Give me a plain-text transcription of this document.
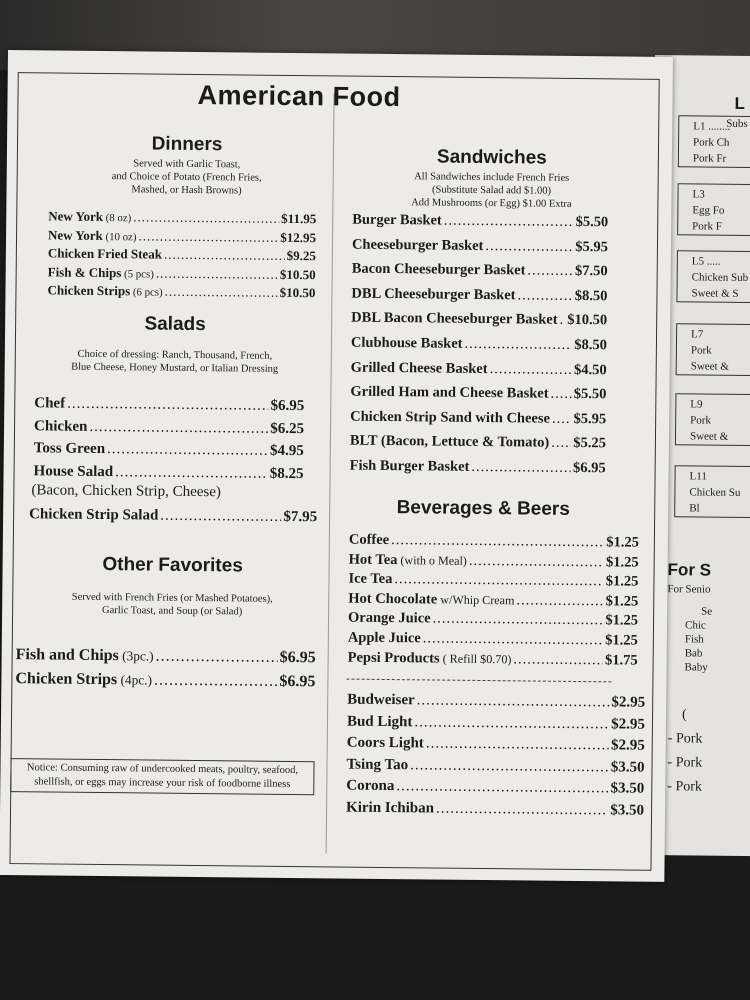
L
Subs
L1 ........
Pork Ch
Pork Fr
L3
Egg Fo
Pork F
L5 .....
Chicken Sub
Sweet & S
L7
Pork
Sweet &
L9
Pork
Sweet &
L11
Chicken Su
Bl
For S
For Senio
Se
Chic
Fish
Bab
Baby
(
- Pork
- Pork
- Pork
American Food
Dinners
Served with Garlic Toast,
and Choice of Potato (French Fries,
Mashed, or Hash Browns)
New York (8 oz) .....	$11.95
New York (10 oz) .....	$12.95
Chicken Fried Steak .....	$9.25
Fish & Chips (5 pcs) .....	$10.50
Chicken Strips (6 pcs) .....	$10.50
Salads
Choice of dressing: Ranch, Thousand, French,
Blue Cheese, Honey Mustard, or Italian Dressing
Chef .....	$6.95
Chicken .....	$6.25
Toss Green .....	$4.95
House Salad .....	$8.25
Chicken Strip Salad .....	$7.95
(Bacon, Chicken Strip, Cheese)
Other Favorites
Served with French Fries (or Mashed Potatoes),
Garlic Toast, and Soup (or Salad)
Fish and Chips (3pc.) .....	$6.95
Chicken Strips (4pc.) .....	$6.95
Notice: Consuming raw of undercooked meats, poultry, seafood,
shellfish, or eggs may increase your risk of foodborne illness
Sandwiches
All Sandwiches include French Fries
(Substitute Salad add $1.00)
Add Mushrooms (or Egg) $1.00 Extra
Burger Basket .....	$5.50
Cheeseburger Basket .....	$5.95
Bacon Cheeseburger Basket .....	$7.50
DBL Cheeseburger Basket .....	$8.50
DBL Bacon Cheeseburger Basket ..... $10.50
Clubhouse Basket .....	$8.50
Grilled Cheese Basket .....	$4.50
Grilled Ham and Cheese Basket ..... $5.50
Chicken Strip Sand with Cheese ..... $5.95
BLT (Bacon, Lettuce & Tomato) ..... $5.25
Fish Burger Basket .....	$6.95
Beverages & Beers
Coffee .....	$1.25
Hot Tea (with o Meal) .....	$1.25
Ice Tea .....	$1.25
Hot Chocolate w/Whip Cream .....	$1.25
Orange Juice .....	$1.25
Apple Juice .....	$1.25
Pepsi Products ( Refill $0.70) .....	$1.75
Budweiser .....	$2.95
Bud Light .....	$2.95
Coors Light .....	$2.95
Tsing Tao .....	$3.50
Corona .....	$3.50
Kirin Ichiban .....	$3.50
